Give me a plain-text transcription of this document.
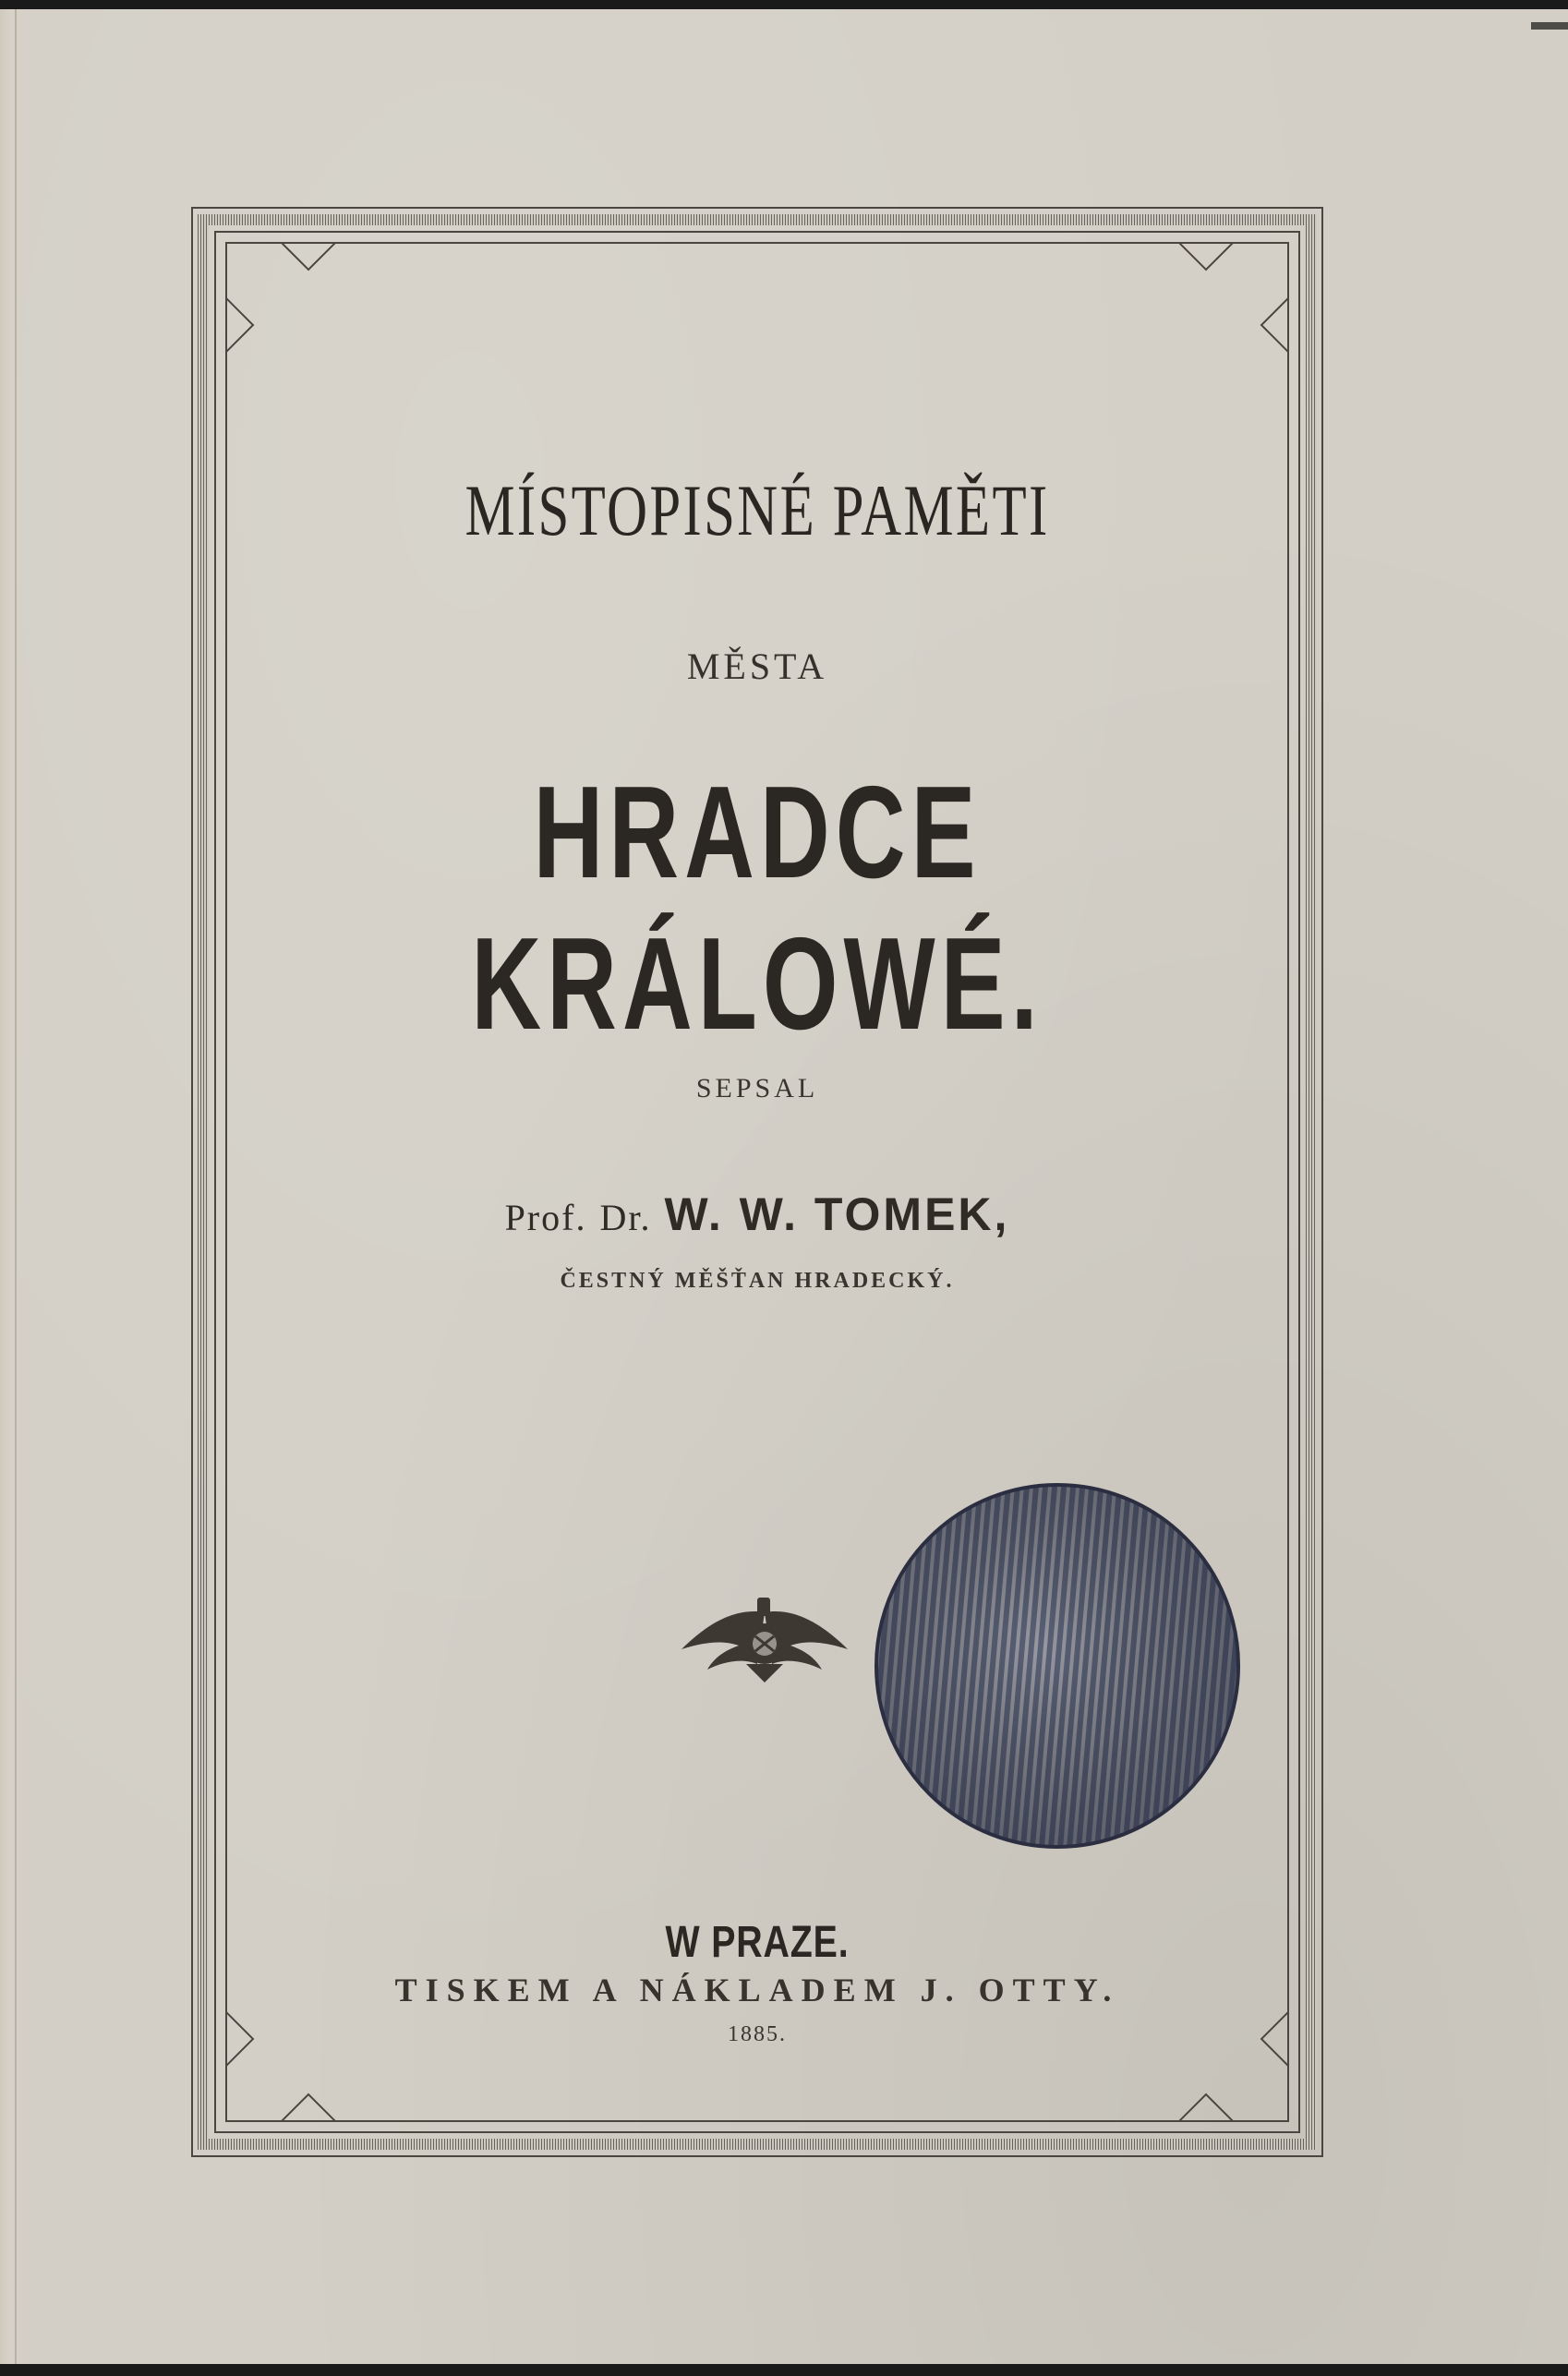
MÍSTOPISNÉ PAMĚTI
MĚSTA
HRADCE KRÁLOWÉ.
SEPSAL
Prof. Dr. W. W. TOMEK,
ČESTNÝ MĚŠŤAN HRADECKÝ.
W PRAZE.
TISKEM A NÁKLADEM J. OTTY.
1885.
